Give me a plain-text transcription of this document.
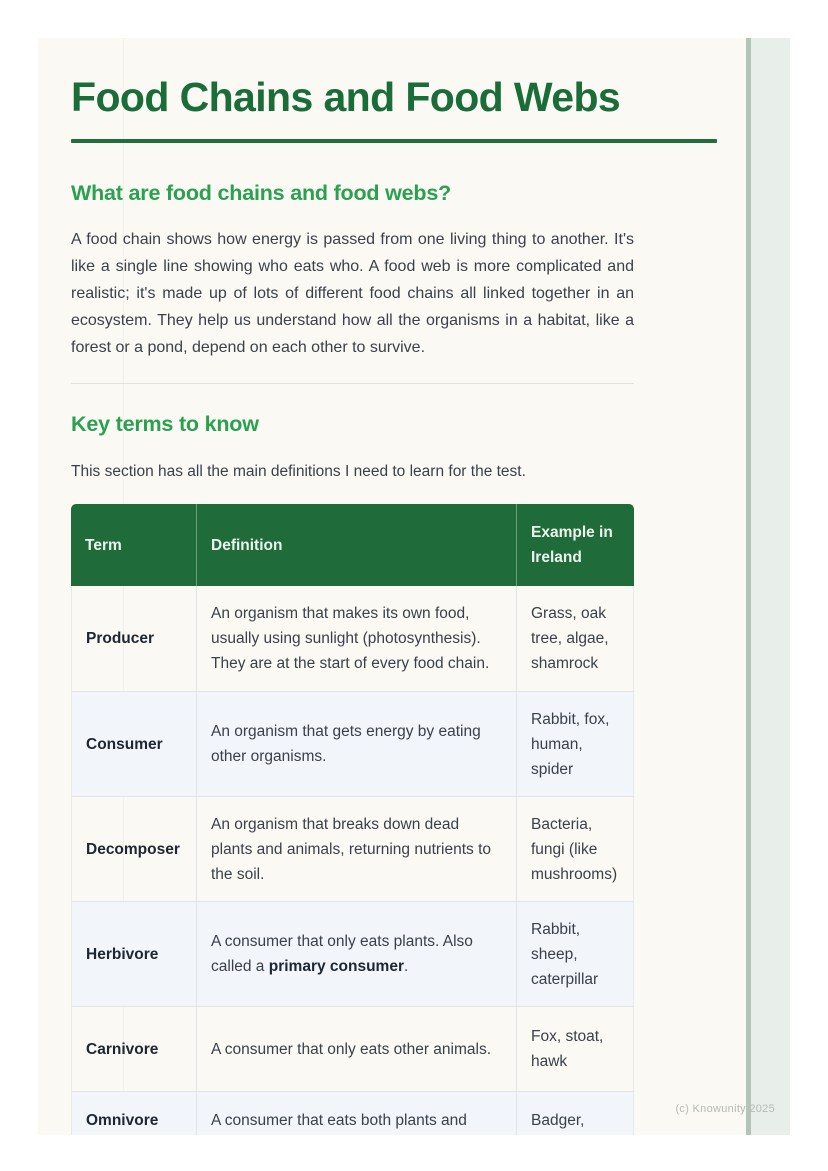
Food Chains and Food Webs
What are food chains and food webs?

A food chain shows how energy is passed from one living thing to another. It's like a single line showing who eats who. A food web is more complicated and realistic; it's made up of lots of different food chains all linked together in an ecosystem. They help us understand how all the organisms in a habitat, like a forest or a pond, depend on each other to survive.

Key terms to know

This section has all the main definitions I need to learn for the test.

Term	Definition	Example in Ireland
Producer	An organism that makes its own food, usually using sunlight (photosynthesis). They are at the start of every food chain.	Grass, oak tree, algae, shamrock
Consumer	An organism that gets energy by eating other organisms.	Rabbit, fox, human, spider
Decomposer	An organism that breaks down dead plants and animals, returning nutrients to the soil.	Bacteria, fungi (like mushrooms)
Herbivore	A consumer that only eats plants. Also called a primary consumer.	Rabbit, sheep, caterpillar
Carnivore	A consumer that only eats other animals.	Fox, stoat, hawk
Omnivore	A consumer that eats both plants and	Badger,
(c) Knowunity 2025
